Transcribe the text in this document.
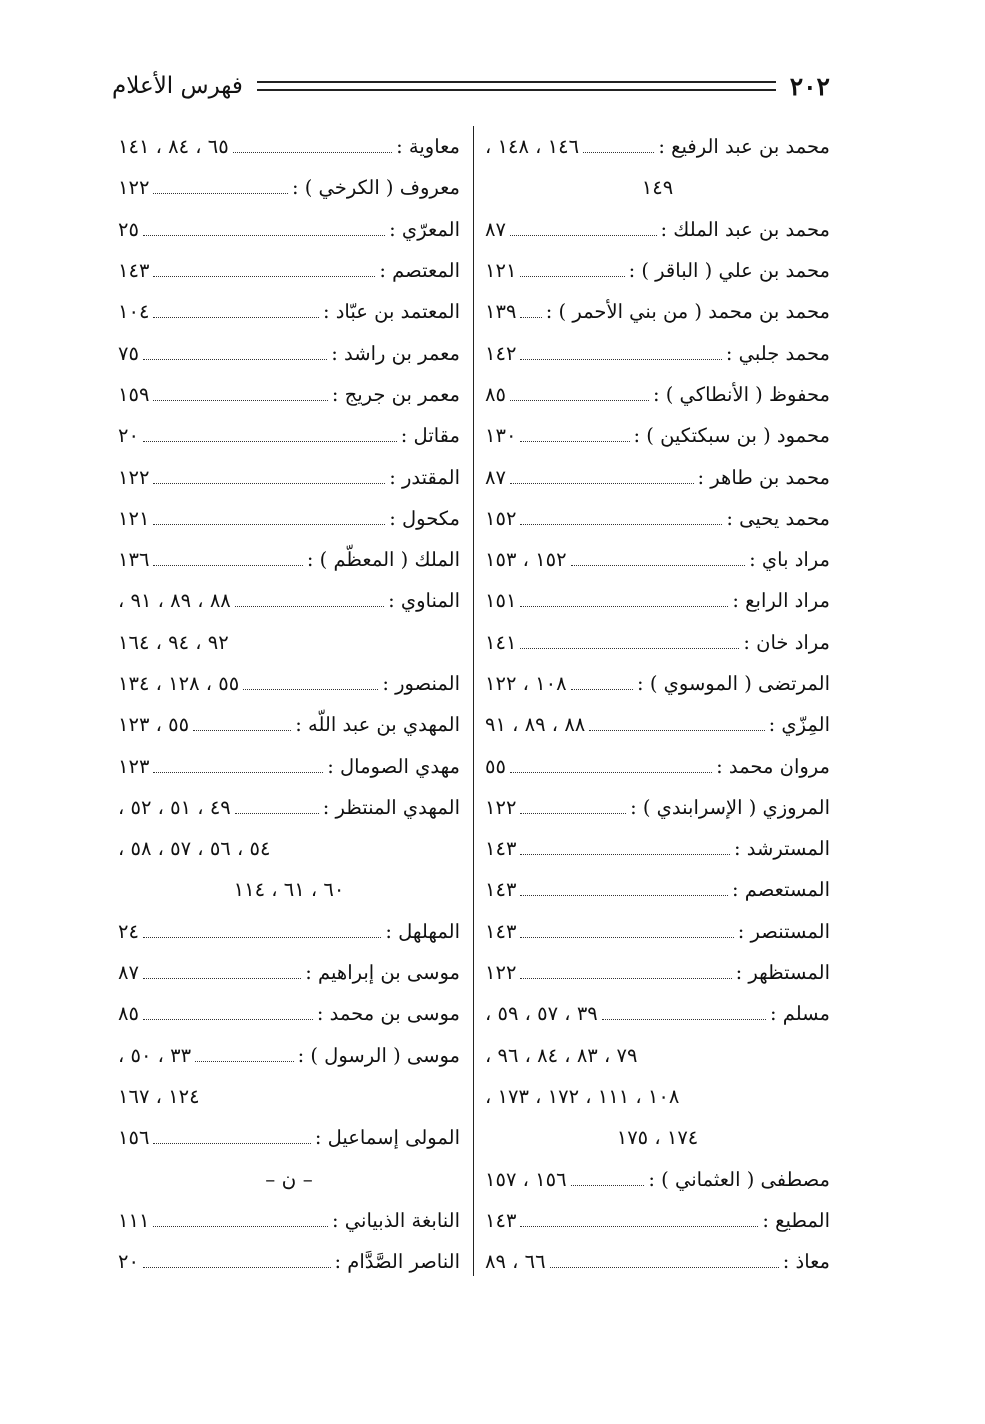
٢٠٢
فهرس الأعلام
محمد بن عبد الرفيع :
١٤٦ ، ١٤٨ ،
١٤٩
محمد بن عبد الملك :
٨٧
محمد بن علي ( الباقر ) :
١٢١
محمد بن محمد ( من بني الأحمر ) :
١٣٩
محمد جلبي :
١٤٢
محفوظ ( الأنطاكي ) :
٨٥
محمود ( بن سبكتكين ) :
١٣٠
محمد بن طاهر :
٨٧
محمد يحيى :
١٥٢
مراد باي :
١٥٢ ، ١٥٣
مراد الرابع :
١٥١
مراد خان :
١٤١
المرتضى ( الموسوي ) :
١٠٨ ، ١٢٢
المِزّي :
٨٨ ، ٨٩ ، ٩١
مروان محمد :
٥٥
المروزي ( الإسرابندي ) :
١٢٢
المسترشد :
١٤٣
المستعصم :
١٤٣
المستنصر :
١٤٣
المستظهر :
١٢٢
مسلم :
٣٩ ، ٥٧ ، ٥٩ ،
٧٩ ، ٨٣ ، ٨٤ ، ٩٦ ،
١٠٨ ، ١١١ ، ١٧٢ ، ١٧٣ ،
١٧٤ ، ١٧٥
مصطفى ( العثماني ) :
١٥٦ ، ١٥٧
المطيع :
١٤٣
معاذ :
٦٦ ، ٨٩
معاوية :
٦٥ ، ٨٤ ، ١٤١
معروف ( الكرخي ) :
١٢٢
المعرّي :
٢٥
المعتصم :
١٤٣
المعتمد بن عبّاد :
١٠٤
معمر بن راشد :
٧٥
معمر بن جريج :
١٥٩
مقاتل :
٢٠
المقتدر :
١٢٢
مكحول :
١٢١
الملك ( المعظّم ) :
١٣٦
المناوي :
٨٨ ، ٨٩ ، ٩١ ،
٩٢ ، ٩٤ ، ١٦٤
المنصور :
٥٥ ، ١٢٨ ، ١٣٤
المهدي بن عبد اللّه :
٥٥ ، ١٢٣
مهدي الصومال :
١٢٣
المهدي المنتظر :
٤٩ ، ٥١ ، ٥٢ ،
٥٤ ، ٥٦ ، ٥٧ ، ٥٨ ،
٦٠ ، ٦١ ، ١١٤
المهلهل :
٢٤
موسى بن إبراهيم :
٨٧
موسى بن محمد :
٨٥
موسى ( الرسول ) :
٣٣ ، ٥٠ ،
١٢٤ ، ١٦٧
المولى إسماعيل :
١٥٦
– ن –
النابغة الذبياني :
١١١
الناصر الصَّدَّام :
٢٠
